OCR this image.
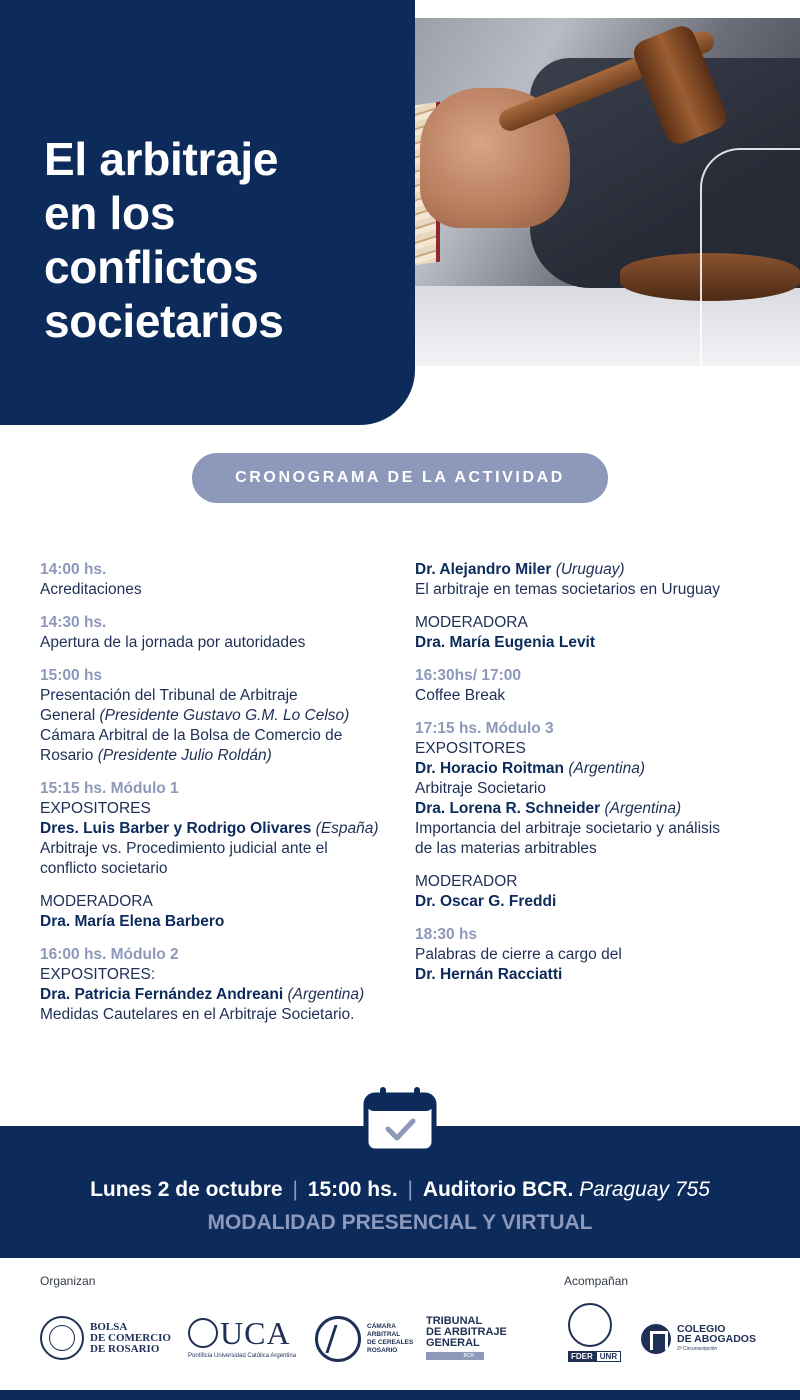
El arbitraje
en los
conflictos
societarios
CRONOGRAMA DE LA ACTIVIDAD
14:00 hs.
Acreditaciones
14:30 hs.
Apertura de la jornada por autoridades
15:00 hs
Presentación del Tribunal de Arbitraje
General (Presidente Gustavo G.M. Lo Celso)
Cámara Arbitral de la Bolsa de Comercio de
Rosario (Presidente Julio Roldán)
15:15 hs. Módulo 1
EXPOSITORES
Dres. Luis Barber y Rodrigo Olivares (España)
Arbitraje vs. Procedimiento judicial ante el
conflicto societario
MODERADORA
Dra. María Elena Barbero
16:00 hs. Módulo 2
EXPOSITORES:
Dra. Patricia Fernández Andreani (Argentina)
Medidas Cautelares en el Arbitraje Societario.
Dr. Alejandro Miler (Uruguay)
El arbitraje en temas societarios en Uruguay
MODERADORA
Dra. María Eugenia Levit
16:30hs/ 17:00
Coffee Break
17:15 hs. Módulo 3
EXPOSITORES
Dr. Horacio Roitman (Argentina)
Arbitraje Societario
Dra. Lorena R. Schneider (Argentina)
Importancia del arbitraje societario y análisis
de las materias arbitrables
MODERADOR
Dr. Oscar G. Freddi
18:30 hs
Palabras de cierre a cargo del
Dr. Hernán Racciatti
Lunes 2 de octubre | 15:00 hs. | Auditorio BCR. Paraguay 755
MODALIDAD PRESENCIAL Y VIRTUAL
Organizan	Acompañan
BOLSA
DE COMERCIO
DE ROSARIO	UCA
Pontificia Universidad Católica Argentina
CÁMARA
ARBITRAL
DE CEREALES
ROSARIO
TRIBUNAL
DE ARBITRAJE
GENERAL
BCR	FDER UNR
COLEGIO
DE ABOGADOS
2ª Circunscripción
